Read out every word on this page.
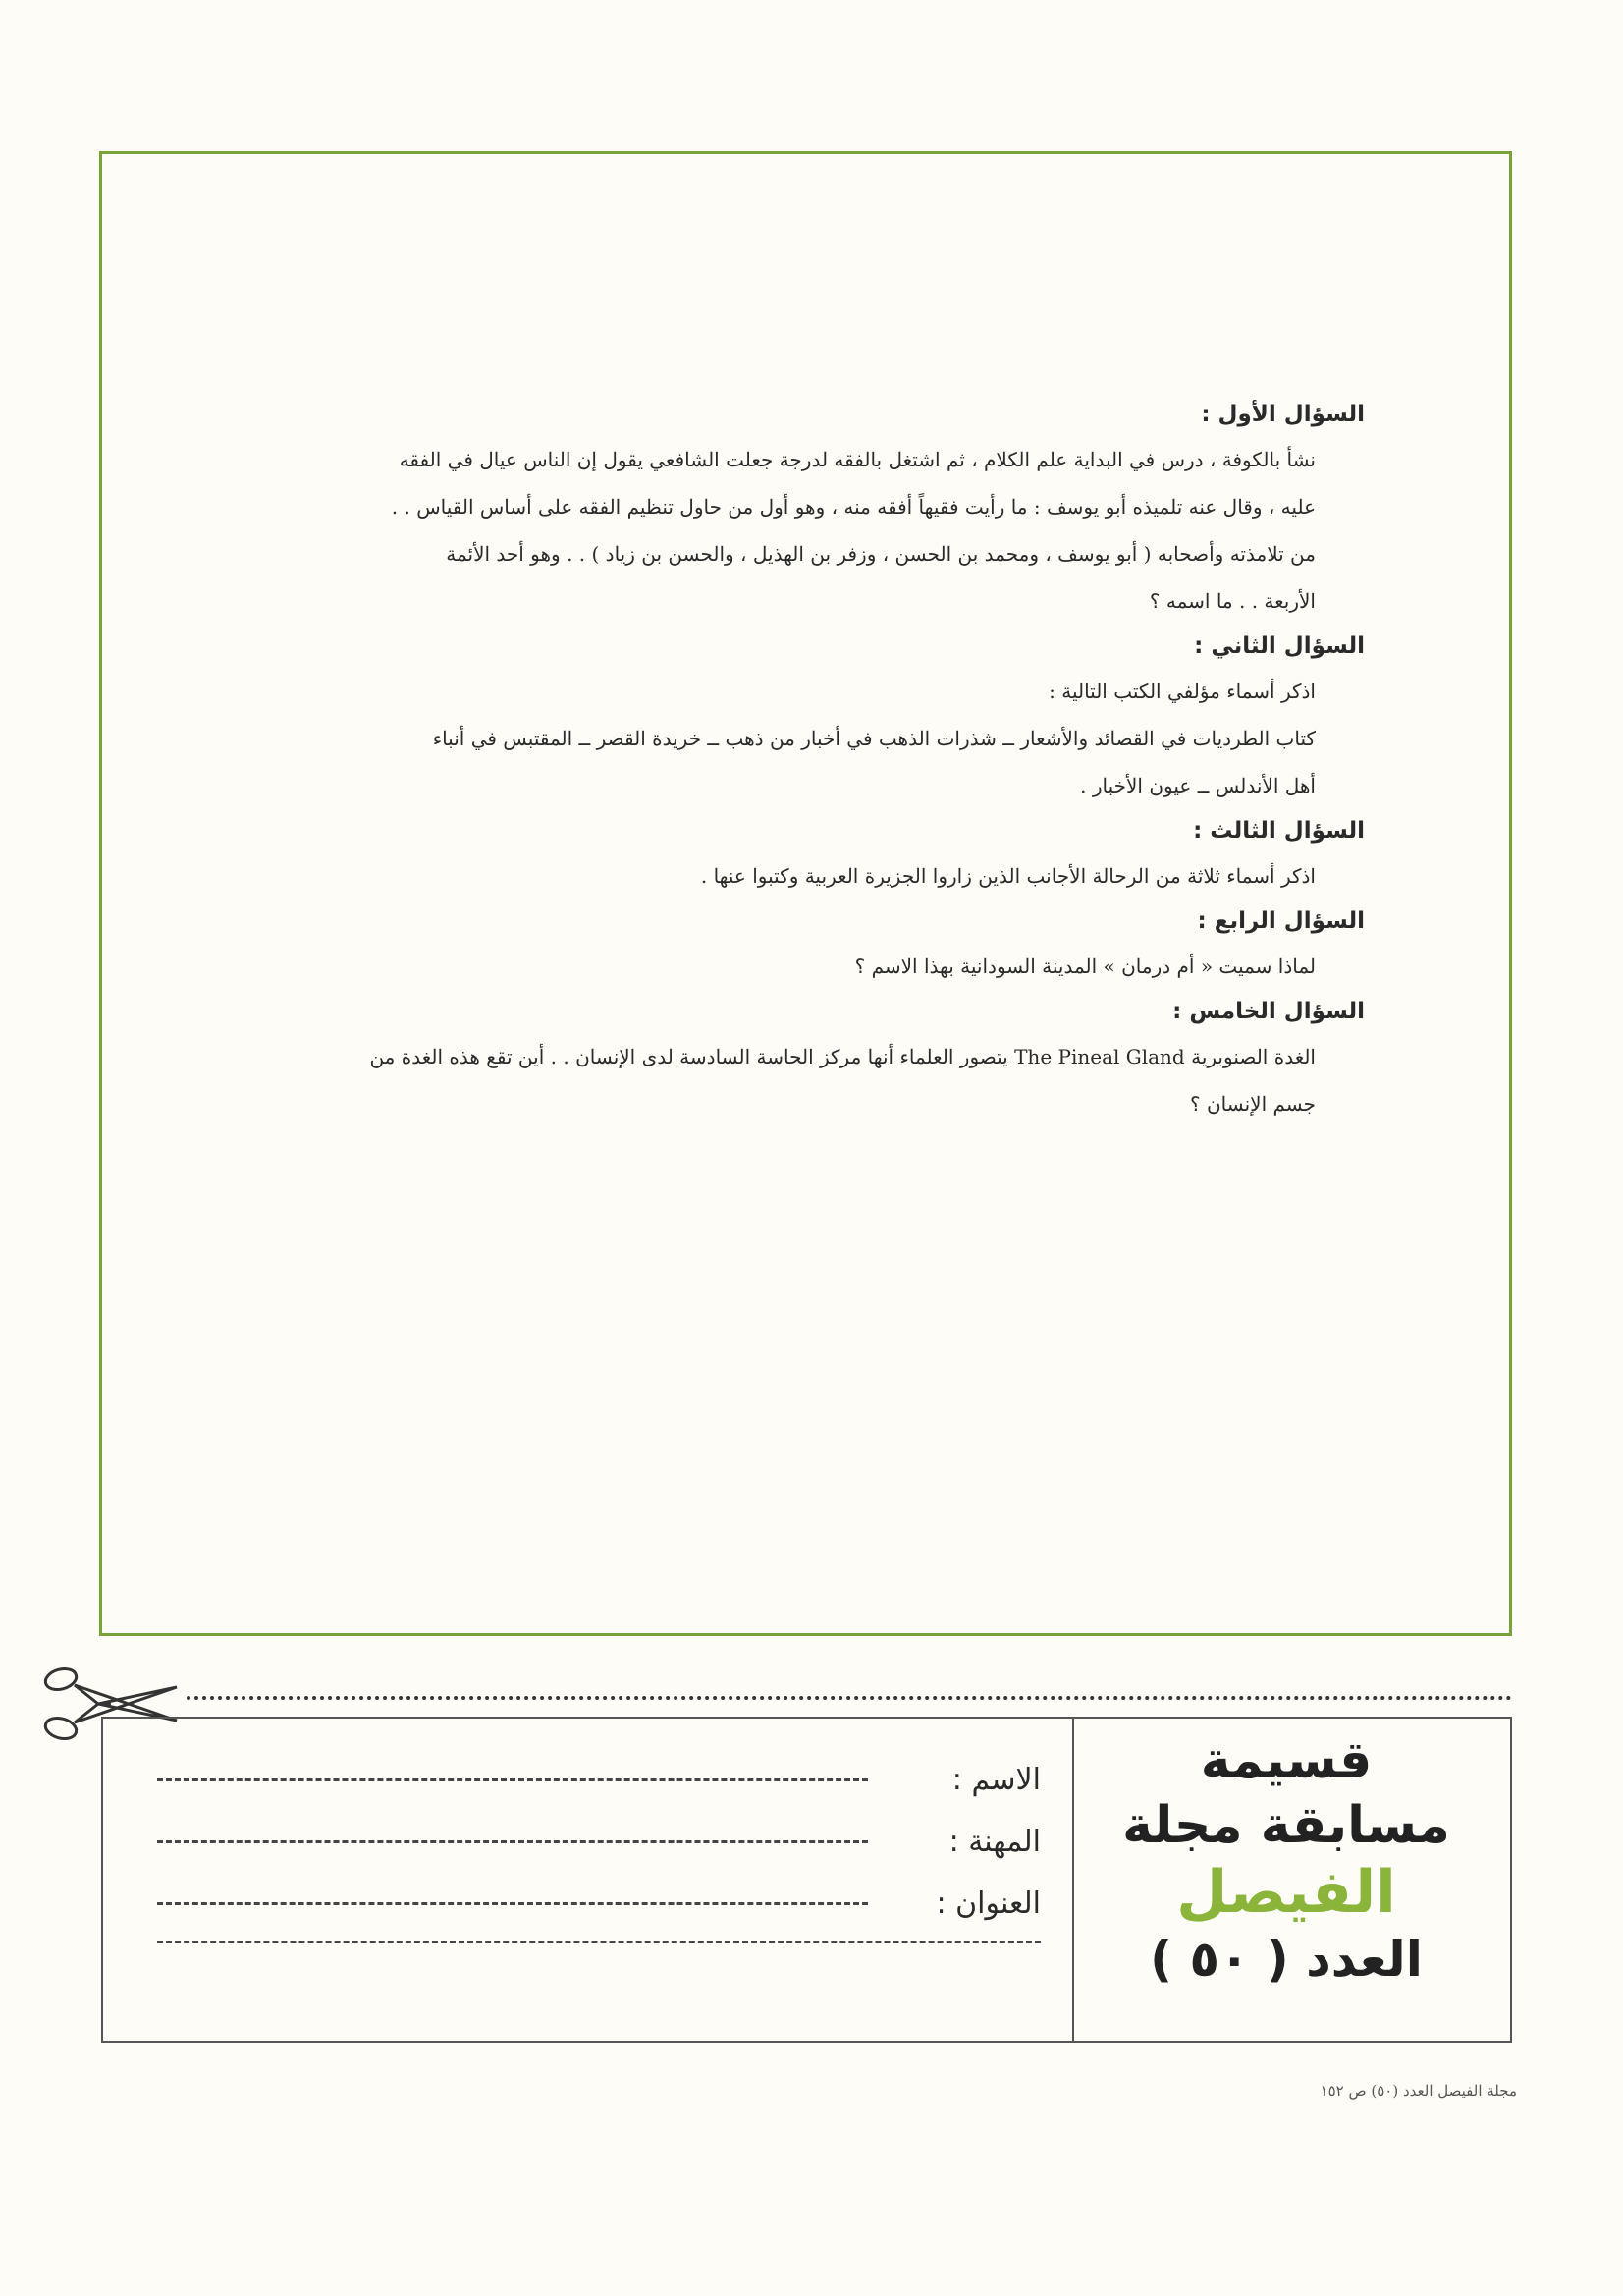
السؤال الأول :

نشأ بالكوفة ، درس في البداية علم الكلام ، ثم اشتغل بالفقه لدرجة جعلت الشافعي يقول إن الناس عيال في الفقه
عليه ، وقال عنه تلميذه أبو يوسف : ما رأيت فقيهاً أفقه منه ، وهو أول من حاول تنظيم الفقه على أساس القياس . .
من تلامذته وأصحابه ( أبو يوسف ، ومحمد بن الحسن ، وزفر بن الهذيل ، والحسن بن زياد ) . . وهو أحد الأئمة
الأربعة . . ما اسمه ؟

السؤال الثاني :

اذكر أسماء مؤلفي الكتب التالية :
كتاب الطرديات في القصائد والأشعار ــ شذرات الذهب في أخبار من ذهب ــ خريدة القصر ــ المقتبس في أنباء
أهل الأندلس ــ عيون الأخبار .

السؤال الثالث :

اذكر أسماء ثلاثة من الرحالة الأجانب الذين زاروا الجزيرة العربية وكتبوا عنها .

السؤال الرابع :

لماذا سميت « أم درمان » المدينة السودانية بهذا الاسم ؟

السؤال الخامس :

الغدة الصنوبرية The Pineal Gland يتصور العلماء أنها مركز الحاسة السادسة لدى الإنسان . . أين تقع هذه الغدة من
جسم الإنسان ؟

قسيمة
مسابقة مجلة
الفيصل
العدد ( ٥٠ )
الاسم :
المهنة :
العنوان :
مجلة الفيصل العدد (٥٠) ص ١٥٢
